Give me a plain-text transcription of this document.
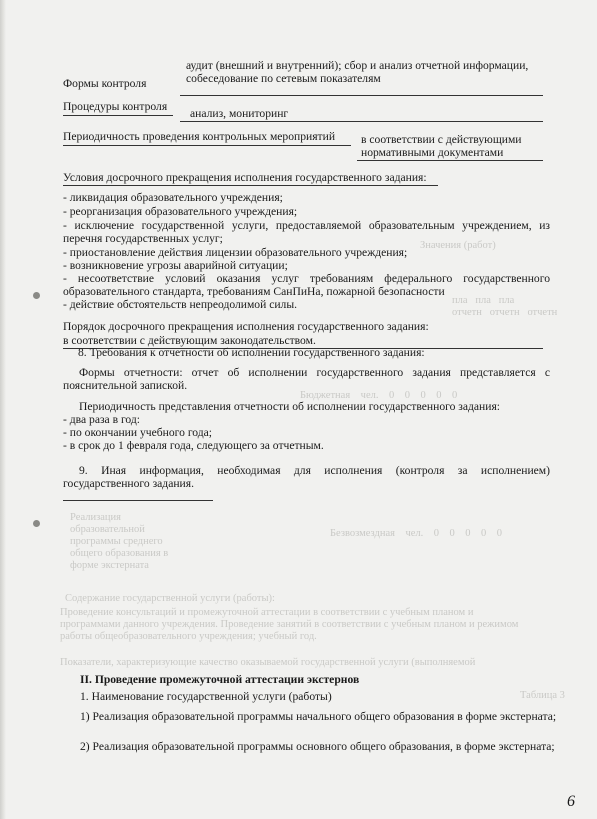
Безвозмездная    чел.    0    0    0    0    0
Реализация
образовательной
программы среднего
общего образования в
форме экстерната
Содержание государственной услуги (работы):
Проведение консультаций и промежуточной аттестации в соответствии с учебным планом и
программами данного учреждения. Проведение занятий в соответствии с учебным планом и режимом
работы общеобразовательного учреждения; учебный год.
Показатели, характеризующие качество оказываемой государственной услуги (выполняемой
Таблица 3
Бюджетная    чел.    0    0    0    0    0
Значения (работ)
пла   пла   пла
отчетн   отчетн   отчетн
аудит (внешний и внутренний); сбор и анализ отчетной информации,
собеседование по сетевым показателям
Формы контроля
Процедуры контроля
анализ, мониторинг
Периодичность проведения контрольных мероприятий в соответствии с действующими
нормативными документами
Условия досрочного прекращения исполнения государственного задания:
- ликвидация образовательного учреждения;
- реорганизация образовательного учреждения;
- исключение государственной услуги, предоставляемой образовательным учреждением, из перечня государственных услуг;
- приостановление действия лицензии образовательного учреждения;
- возникновение угрозы аварийной ситуации;
- несоответствие условий оказания услуг требованиям федерального государственного образовательного стандарта, требованиям СанПиНа, пожарной безопасности
- действие обстоятельств непреодолимой силы.
Порядок досрочного прекращения исполнения государственного задания:
в соответствии с действующим законодательством.
8. Требования к отчетности об исполнении государственного задания:
Формы отчетности: отчет об исполнении государственного задания представляется с пояснительной запиской.
Периодичность представления отчетности об исполнении государственного задания:
- два раза в год:
- по окончании учебного года;
- в срок до 1 февраля года, следующего за отчетным.
9. Иная информация, необходимая для исполнения (контроля за исполнением) государственного задания.
II. Проведение промежуточной аттестации экстернов
1. Наименование государственной услуги (работы)
1) Реализация образовательной программы начального общего образования в форме экстерната;
2) Реализация образовательной программы основного общего образования, в форме экстерната;
6
